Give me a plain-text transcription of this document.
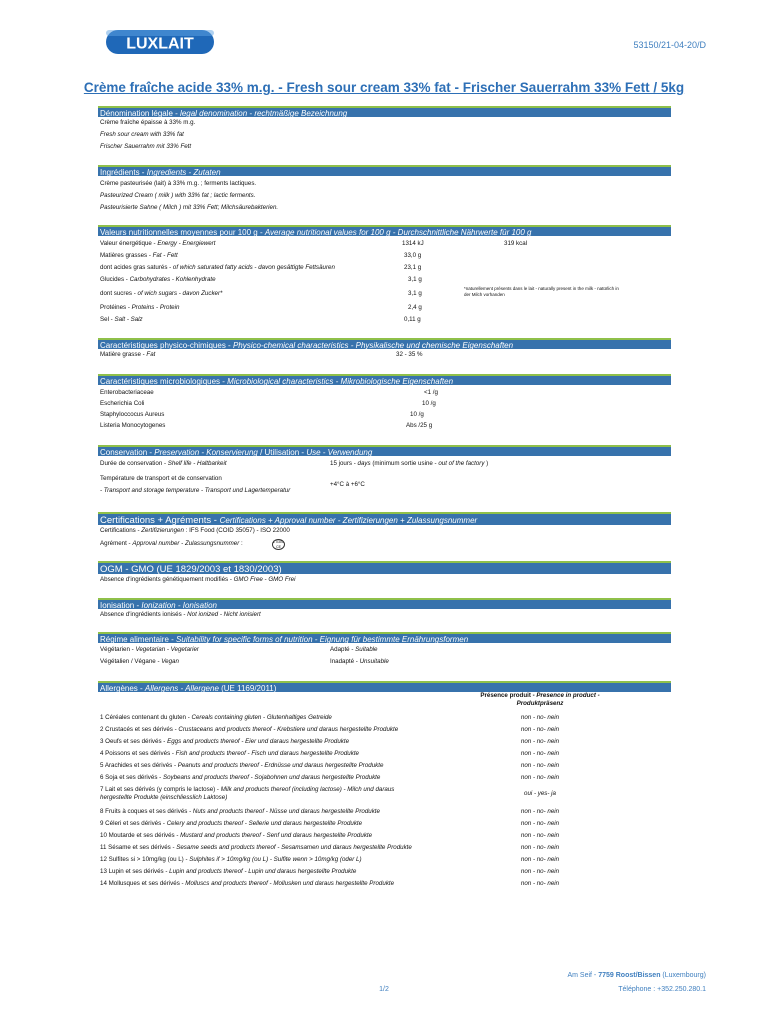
LUXLAIT	53150/21-04-20/D
Crème fraîche acide 33% m.g. - Fresh sour cream 33% fat - Frischer Sauerrahm 33% Fett / 5kg
Dénomination légale - legal denomination - rechtmäßige Bezeichnung
Crème fraîche épaisse à 33% m.g.
Fresh sour cream with 33% fat
Frischer Sauerrahm mit 33% Fett
Ingrédients - Ingredients - Zutaten
Crème pasteurisée (lait) à 33% m.g. ; ferments lactiques.
Pasteurized Cream ( milk ) with 33% fat ; lactic ferments.
Pasteurisierte Sahne ( Milch ) mit 33% Fett; Milchsäurebakterien.
Valeurs nutritionnelles moyennes pour 100 g - Average nutritional values for 100 g - Durchschnittliche Nährwerte für 100 g
Valeur énergétique - Energy - Energiewert	1314 kJ	319 kcal
Matières grasses - Fat - Fett	33,0 g
dont acides gras saturés - of which saturated fatty acids - davon gesättigte Fettsäuren	23,1 g
Glucides - Carbohydrates - Kohlenhydrate	3,1 g
dont sucres - of wich sugars - davon Zucker*	3,1 g
*naturellement présents dans le lait - naturally present in the milk - natürlich in
der Milch vorhanden
Protéines - Proteins - Protein	2,4 g
Sel - Salt - Salz	0,11 g
Caractéristiques physico-chimiques - Physico-chemical characteristics - Physikalische und chemische Eigenschaften
Matière grasse - Fat	32 - 35 %
Caractéristiques microbiologiques - Microbiological characteristics - Mikrobiologische Eigenschaften
Enterobacteriaceae	<1 /g
Escherichia Coli	10 /g
Staphyloccocus Aureus	10 /g
Listeria Monocytogenes	Abs /25 g
Conservation - Preservation - Konservierung / Utilisation - Use - Verwendung
Durée de conservation - Shelf life - Haltbarkeit	15 jours - days (minimum sortie usine - out of the factory )
Température de transport et de conservation
- Transport and storage temperature - Transport und Lagertemperatur
+4°C à +6°C
Certifications + Agréments - Certifications + Approval number - Zertifizierungen + Zulassungsnummer
Certifications - Zertifizierungen : IFS Food (COID 35057) - ISO 22000
Agrément - Approval number - Zulassungsnummer :	L 0301
CE
OGM - GMO (UE 1829/2003 et 1830/2003)
Absence d'ingrédients génétiquement modifiés - GMO Free - GMO Frei
Ionisation - Ionization - Ionisation
Absence d'ingrédients ionisés - Not ionized - Nicht ionisiert
Régime alimentaire - Suitability for specific forms of nutrition - Eignung für bestimmte Ernährungsformen
Végétarien - Vegetarian - Vegetarier	Adapté - Suitable
Végétalien / Végane - Vegan	Inadapté - Unsuitable
Allergènes - Allergens - Allergene (UE 1169/2011)
Présence produit - Presence in product -
Produktpräsenz
1 Céréales contenant du gluten - Cereals containing gluten - Glutenhaltiges Getreide	non - no- nein
2 Crustacés et ses dérivés - Crustaceans and products thereof - Krebstiere und daraus hergestellte Produkte	non - no- nein
3 Oeufs et ses dérivés - Eggs and products thereof - Eier und daraus hergestellte Produkte	non - no- nein
4 Poissons et ses dérivés - Fish and products thereof - Fisch und daraus hergestellte Produkte	non - no- nein
5 Arachides et ses dérivés - Peanuts and products thereof - Erdnüsse und daraus hergestellte Produkte	non - no- nein
6 Soja et ses dérivés - Soybeans and products thereof - Sojabohnen und daraus hergestellte Produkte	non - no- nein
7 Lait et ses dérivés (y compris le lactose) - Milk and products thereof (including lactose) - Milch und daraus
hergestellte Produkte (einschliesslich Laktose)
oui - yes- ja
8 Fruits à coques et ses dérivés - Nuts and products thereof - Nüsse und daraus hergestellte Produkte	non - no- nein
9 Céleri et ses dérivés - Celery and products thereof - Sellerie und daraus hergestellte Produkte	non - no- nein
10 Moutarde et ses dérivés - Mustard and products thereof - Senf und daraus hergestellte Produkte	non - no- nein
11 Sésame et ses dérivés - Sesame seeds and products thereof - Sesamsamen und daraus hergestellte Produkte	non - no- nein
12 Sulfites si > 10mg/kg (ou L) - Sulphites if > 10mg/kg (ou L) - Sulfite wenn > 10mg/kg (oder L)	non - no- nein
13 Lupin et ses dérivés - Lupin and products thereof - Lupin und daraus hergestellte Produkte	non - no- nein
14 Mollusques et ses dérivés - Molluscs and products thereof - Mollusken und daraus hergestellte Produkte	non - no- nein
Am Seif - 7759 Roost/Bissen (Luxembourg)
Téléphone : +352.250.280.1
1/2
